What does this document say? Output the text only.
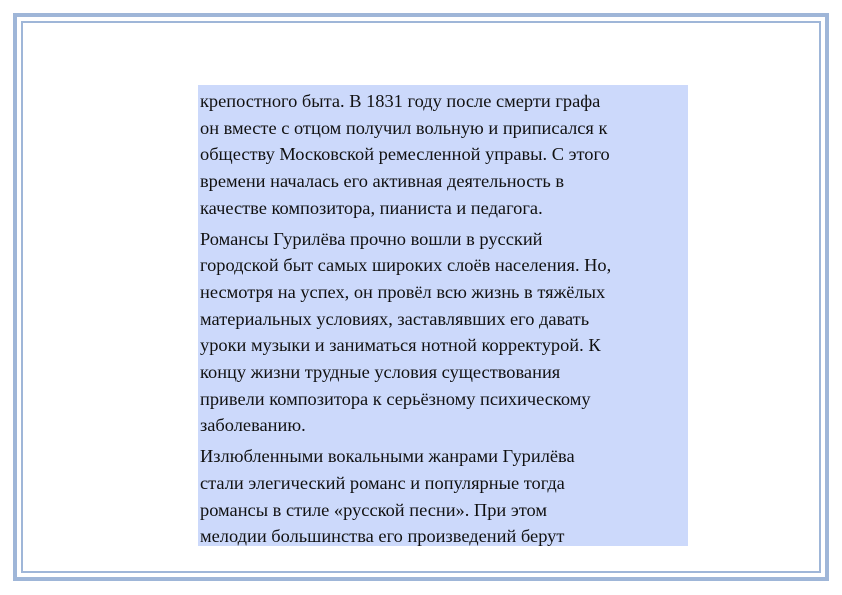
крепостного быта. В 1831 году после смерти графа
он вместе с отцом получил вольную и приписался к
обществу Московской ремесленной управы. С этого
времени началась его активная деятельность в
качестве композитора, пианиста и педагога.

Романсы Гурилёва прочно вошли в русский
городской быт самых широких слоёв населения. Но,
несмотря на успех, он провёл всю жизнь в тяжёлых
материальных условиях, заставлявших его давать
уроки музыки и заниматься нотной корректурой. К
концу жизни трудные условия существования
привели композитора к серьёзному психическому
заболеванию.

Излюбленными вокальными жанрами Гурилёва
стали элегический романс и популярные тогда
романсы в стиле «русской песни». При этом
мелодии большинства его произведений берут
